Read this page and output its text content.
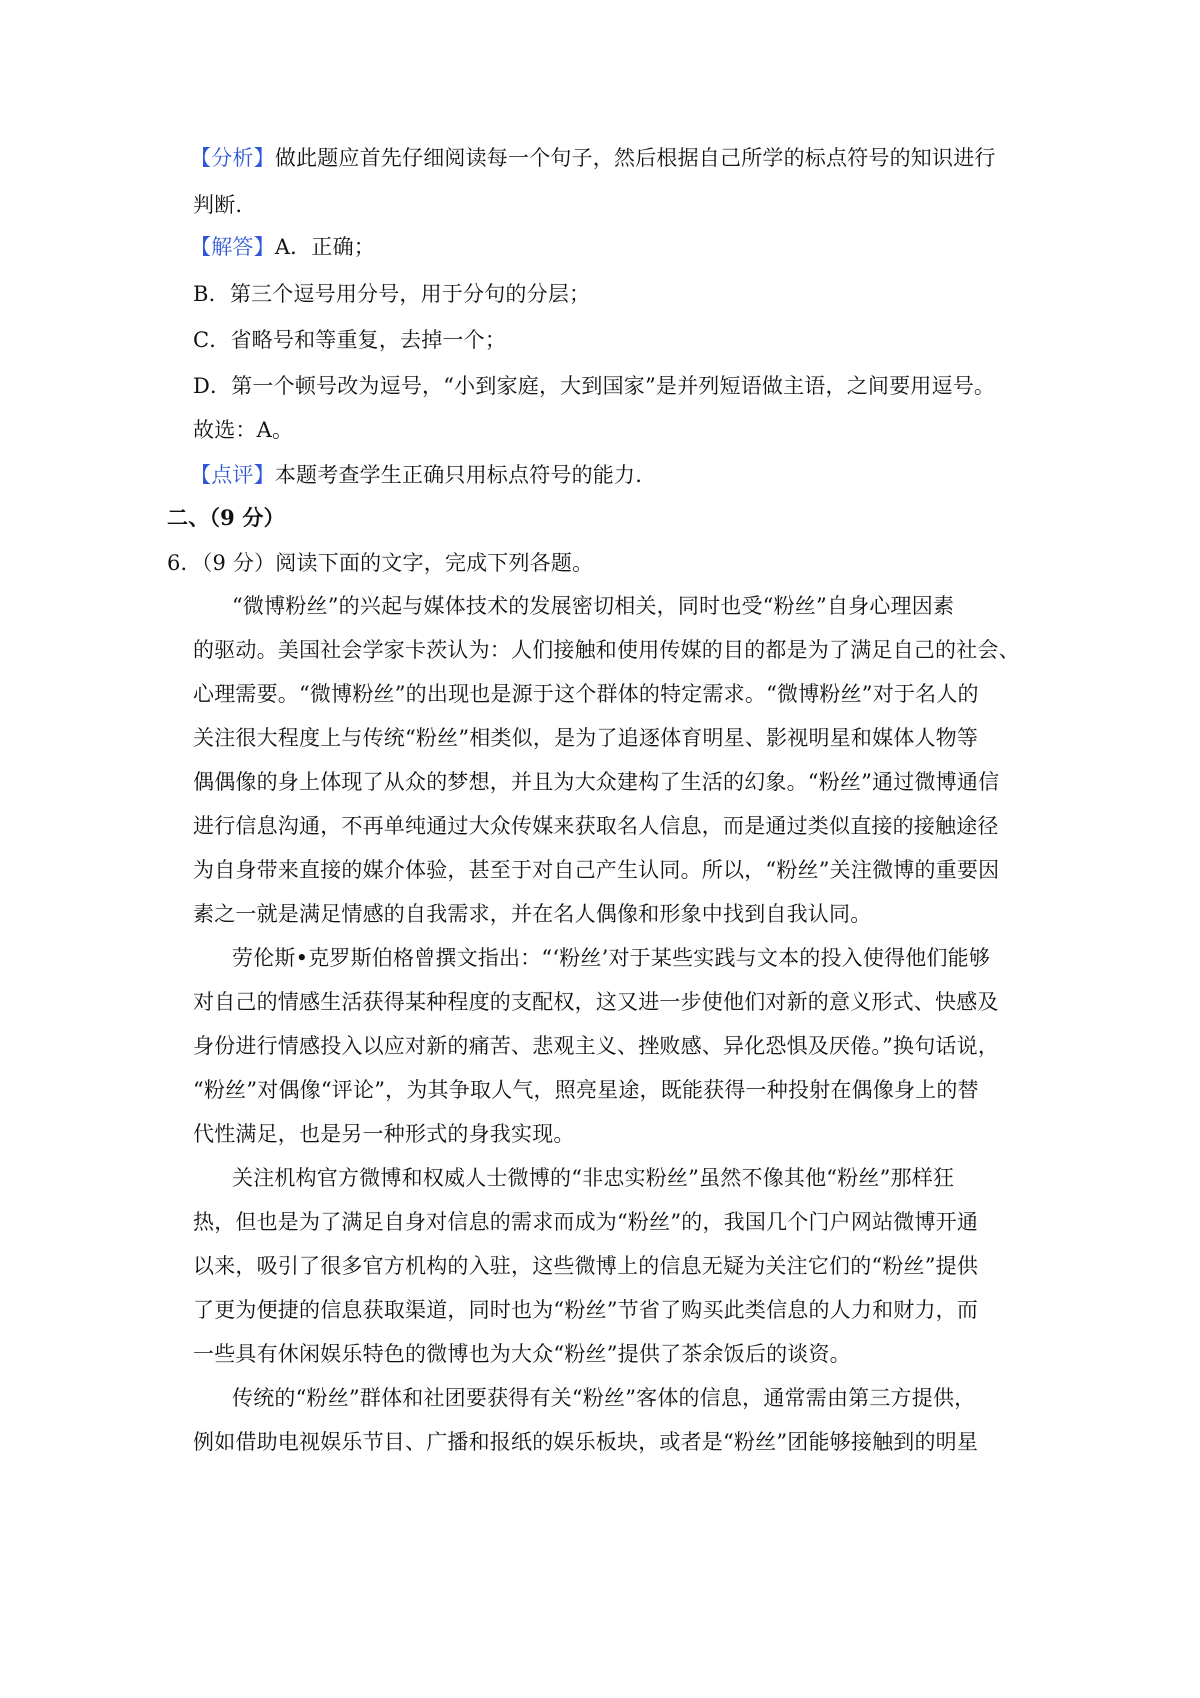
【分析】做此题应首先仔细阅读每一个句子，然后根据自己所学的标点符号的知识进行
判断.
【解答】A．正确；
B．第三个逗号用分号，用于分句的分层；
C．省略号和等重复，去掉一个；
D．第一个顿号改为逗号，“小到家庭，大到国家”是并列短语做主语，之间要用逗号。
故选：A。
【点评】本题考查学生正确只用标点符号的能力.
二、（9 分）
6．（9 分）阅读下面的文字，完成下列各题。
“微博粉丝”的兴起与媒体技术的发展密切相关，同时也受“粉丝”自身心理因素
的驱动。美国社会学家卡茨认为：人们接触和使用传媒的目的都是为了满足自己的社会、
心理需要。“微博粉丝”的出现也是源于这个群体的特定需求。“微博粉丝”对于名人的
关注很大程度上与传统“粉丝”相类似，是为了追逐体育明星、影视明星和媒体人物等
偶偶像的身上体现了从众的梦想，并且为大众建构了生活的幻象。“粉丝”通过微博通信
进行信息沟通，不再单纯通过大众传媒来获取名人信息，而是通过类似直接的接触途径
为自身带来直接的媒介体验，甚至于对自己产生认同。所以，“粉丝”关注微博的重要因
素之一就是满足情感的自我需求，并在名人偶像和形象中找到自我认同。
劳伦斯•克罗斯伯格曾撰文指出：“‘粉丝’对于某些实践与文本的投入使得他们能够
对自己的情感生活获得某种程度的支配权，这又进一步使他们对新的意义形式、快感及
身份进行情感投入以应对新的痛苦、悲观主义、挫败感、异化恐惧及厌倦。”换句话说，
“粉丝”对偶像“评论”，为其争取人气，照亮星途，既能获得一种投射在偶像身上的替
代性满足，也是另一种形式的身我实现。
关注机构官方微博和权威人士微博的“非忠实粉丝”虽然不像其他“粉丝”那样狂
热，但也是为了满足自身对信息的需求而成为“粉丝”的，我国几个门户网站微博开通
以来，吸引了很多官方机构的入驻，这些微博上的信息无疑为关注它们的“粉丝”提供
了更为便捷的信息获取渠道，同时也为“粉丝”节省了购买此类信息的人力和财力，而
一些具有休闲娱乐特色的微博也为大众“粉丝”提供了茶余饭后的谈资。
传统的“粉丝”群体和社团要获得有关“粉丝”客体的信息，通常需由第三方提供，
例如借助电视娱乐节目、广播和报纸的娱乐板块，或者是“粉丝”团能够接触到的明星
